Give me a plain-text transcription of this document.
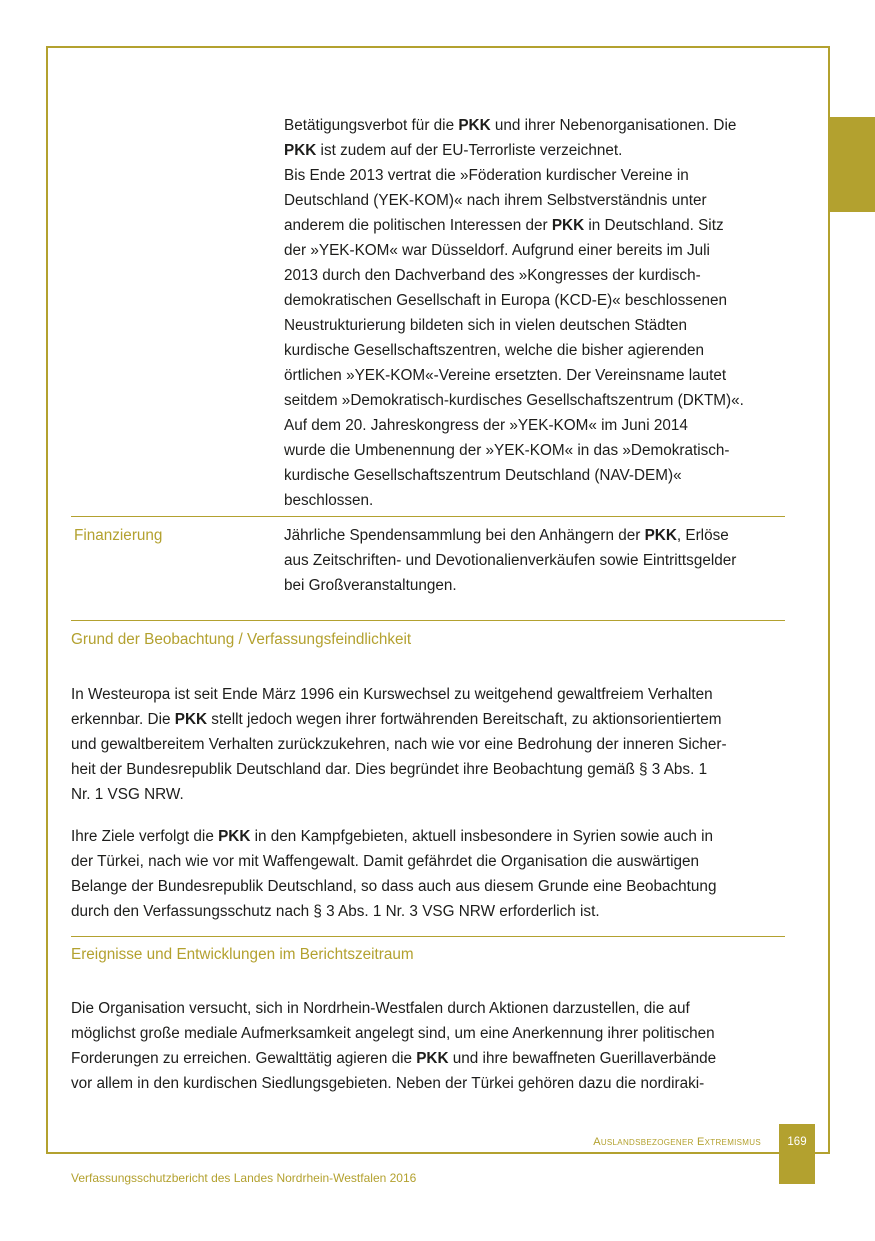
Betätigungsverbot für die PKK und ihrer Nebenorganisationen. Die
PKK ist zudem auf der EU-Terrorliste verzeichnet.
Bis Ende 2013 vertrat die »Föderation kurdischer Vereine in
Deutschland (YEK-KOM)« nach ihrem Selbstverständnis unter
anderem die politischen Interessen der PKK in Deutschland. Sitz
der »YEK-KOM« war Düsseldorf. Aufgrund einer bereits im Juli
2013 durch den Dachverband des »Kongresses der kurdisch-
demokratischen Gesellschaft in Europa (KCD-E)« beschlossenen
Neustrukturierung bildeten sich in vielen deutschen Städten
kurdische Gesellschaftszentren, welche die bisher agierenden
örtlichen »YEK-KOM«-Vereine ersetzten. Der Vereinsname lautet
seitdem »Demokratisch-kurdisches Gesellschaftszentrum (DKTM)«.
Auf dem 20. Jahreskongress der »YEK-KOM« im Juni 2014
wurde die Umbenennung der »YEK-KOM« in das »Demokratisch-
kurdische Gesellschaftszentrum Deutschland (NAV-DEM)«
beschlossen.
Finanzierung	Jährliche Spendensammlung bei den Anhängern der PKK, Erlöse
aus Zeitschriften- und Devotionalienverkäufen sowie Eintrittsgelder
bei Großveranstaltungen.
Grund der Beobachtung / Verfassungsfeindlichkeit
In Westeuropa ist seit Ende März 1996 ein Kurswechsel zu weitgehend gewaltfreiem Verhalten
erkennbar. Die PKK stellt jedoch wegen ihrer fortwährenden Bereitschaft, zu aktionsorientiertem
und gewaltbereitem Verhalten zurückzukehren, nach wie vor eine Bedrohung der inneren Sicher-
heit der Bundesrepublik Deutschland dar. Dies begründet ihre Beobachtung gemäß § 3 Abs. 1
Nr. 1 VSG NRW.
Ihre Ziele verfolgt die PKK in den Kampfgebieten, aktuell insbesondere in Syrien sowie auch in
der Türkei, nach wie vor mit Waffengewalt. Damit gefährdet die Organisation die auswärtigen
Belange der Bundesrepublik Deutschland, so dass auch aus diesem Grunde eine Beobachtung
durch den Verfassungsschutz nach § 3 Abs. 1 Nr. 3 VSG NRW erforderlich ist.
Ereignisse und Entwicklungen im Berichtszeitraum
Die Organisation versucht, sich in Nordrhein-Westfalen durch Aktionen darzustellen, die auf
möglichst große mediale Aufmerksamkeit angelegt sind, um eine Anerkennung ihrer politischen
Forderungen zu erreichen. Gewalttätig agieren die PKK und ihre bewaffneten Guerillaverbände
vor allem in den kurdischen Siedlungsgebieten. Neben der Türkei gehören dazu die nordiraki-
Auslandsbezogener Extremismus	169
Verfassungsschutzbericht des Landes Nordrhein-Westfalen 2016
